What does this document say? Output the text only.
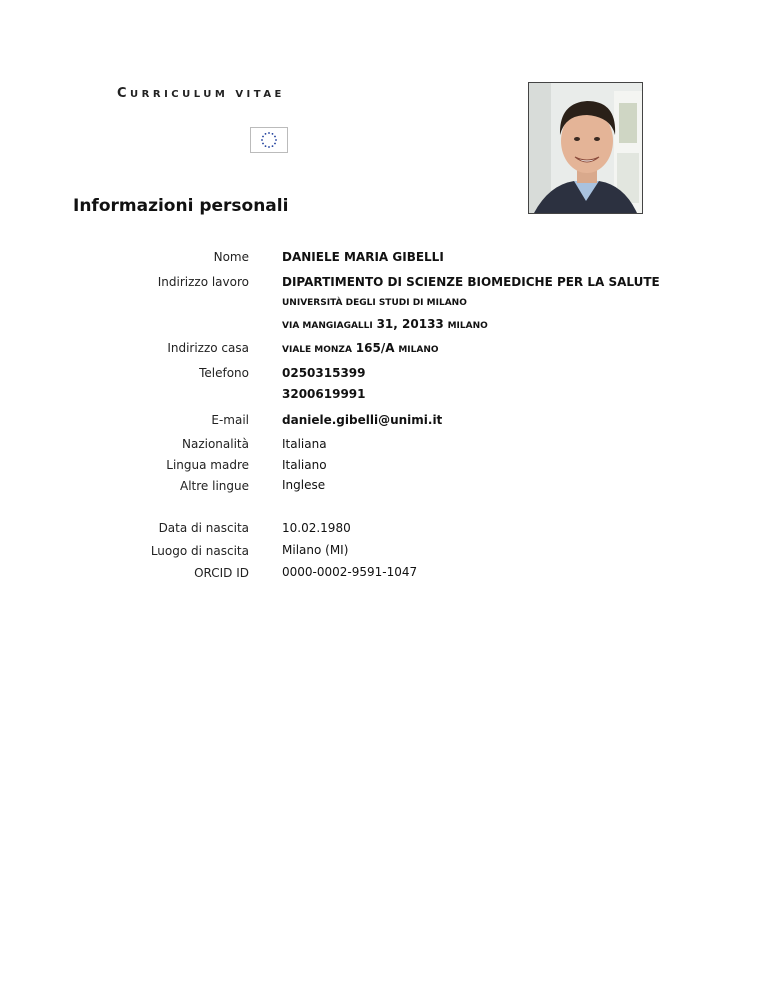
CURRICULUM VITAE
Informazioni personali
Nome	DANIELE MARIA GIBELLI
Indirizzo lavoro	DIPARTIMENTO DI SCIENZE BIOMEDICHE PER LA SALUTE
UNIVERSITÀ DEGLI STUDI DI MILANO
VIA MANGIAGALLI 31, 20133 MILANO
Indirizzo casa	VIALE MONZA 165/A MILANO
Telefono	0250315399
3200619991
E-mail	daniele.gibelli@unimi.it
Nazionalità	Italiana
Lingua madre	Italiano
Altre lingue	Inglese
Data di nascita	10.02.1980
Luogo di nascita	Milano (MI)
ORCID ID	0000-0002-9591-1047
